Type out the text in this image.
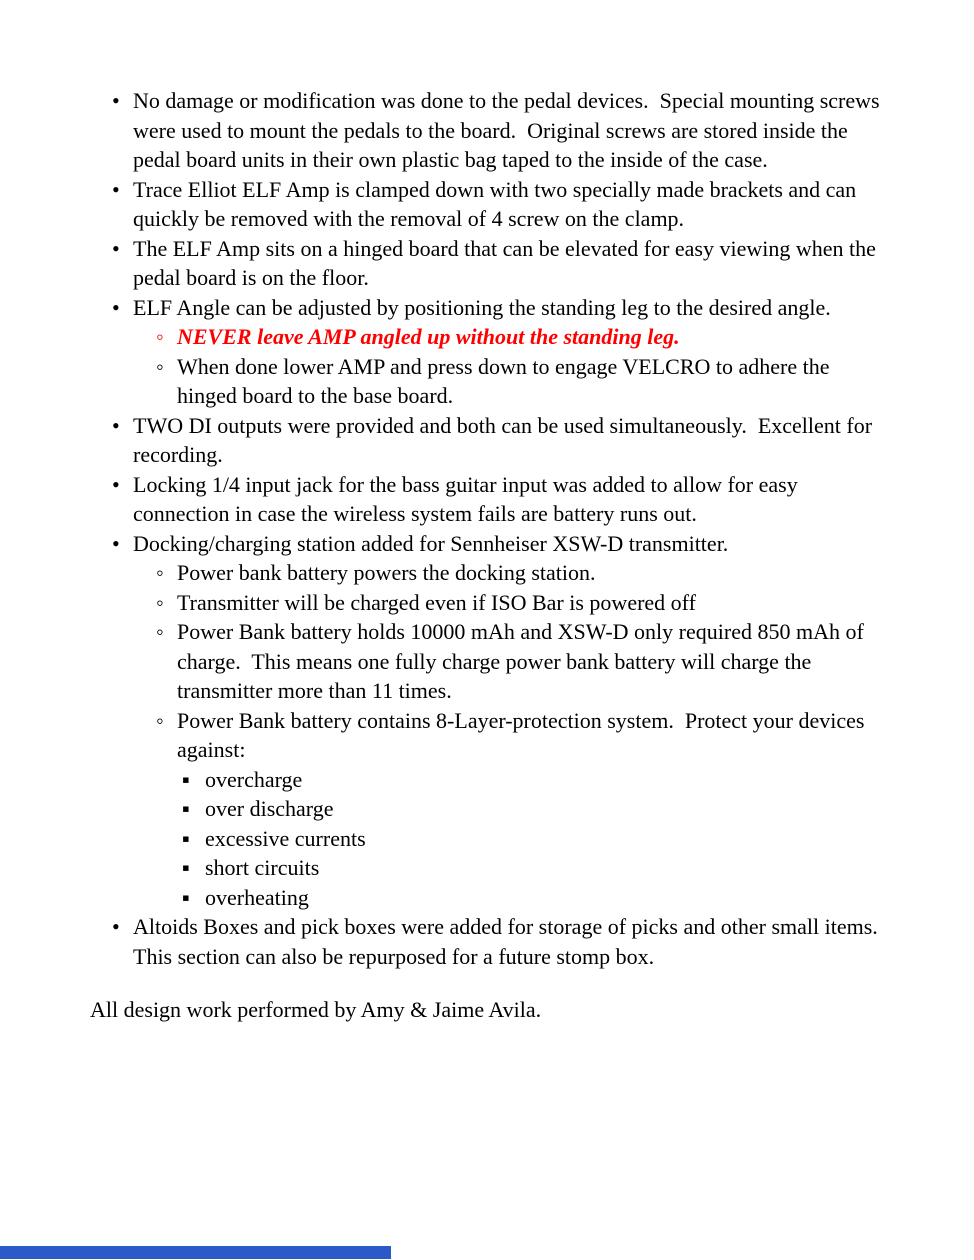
• No damage or modification was done to the pedal devices.  Special mounting screws were used to mount the pedals to the board.  Original screws are stored inside the pedal board units in their own plastic bag taped to the inside of the case.
• Trace Elliot ELF Amp is clamped down with two specially made brackets and can quickly be removed with the removal of 4 screw on the clamp.
• The ELF Amp sits on a hinged board that can be elevated for easy viewing when the pedal board is on the floor.
• ELF Angle can be adjusted by positioning the standing leg to the desired angle.
◦ NEVER leave AMP angled up without the standing leg.
◦ When done lower AMP and press down to engage VELCRO to adhere the hinged board to the base board.
• TWO DI outputs were provided and both can be used simultaneously.  Excellent for recording.
• Locking 1/4 input jack for the bass guitar input was added to allow for easy connection in case the wireless system fails are battery runs out.
• Docking/charging station added for Sennheiser XSW-D transmitter.
◦ Power bank battery powers the docking station.
◦ Transmitter will be charged even if ISO Bar is powered off
◦ Power Bank battery holds 10000 mAh and XSW-D only required 850 mAh of charge.  This means one fully charge power bank battery will charge the transmitter more than 11 times.
◦ Power Bank battery contains 8-Layer-protection system.  Protect your devices against:
▪ overcharge
▪ over discharge
▪ excessive currents
▪ short circuits
▪ overheating
• Altoids Boxes and pick boxes were added for storage of picks and other small items.  This section can also be repurposed for a future stomp box.
All design work performed by Amy & Jaime Avila.
